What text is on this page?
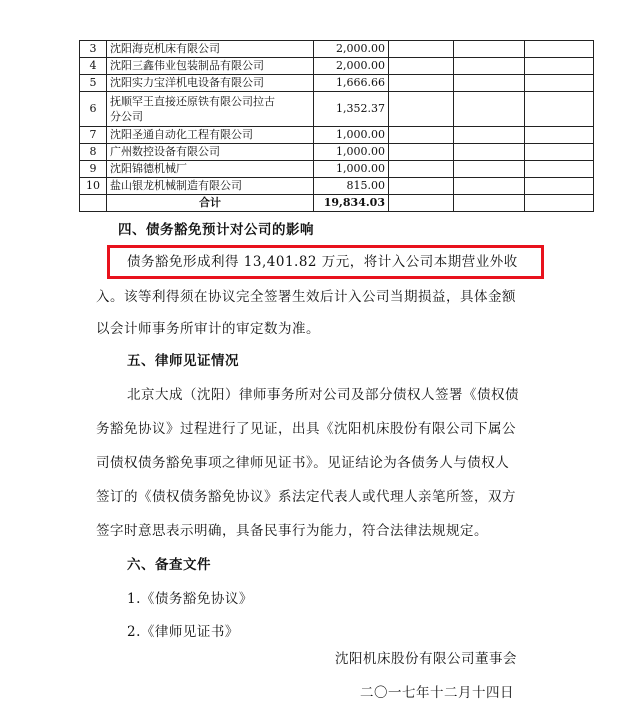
3	沈阳海克机床有限公司	2,000.00			
4	沈阳三鑫伟业包装制品有限公司	2,000.00			
5	沈阳实力宝洋机电设备有限公司	1,666.66			
6	抚顺罕王直接还原铁有限公司拉古
分公司	1,352.37			
7	沈阳圣通自动化工程有限公司	1,000.00			
8	广州数控设备有限公司	1,000.00			
9	沈阳锦德机械厂	1,000.00			
10	盐山银龙机械制造有限公司	815.00			
	合计	19,834.03			
四、债务豁免预计对公司的影响
债务豁免形成利得 13,401.82 万元，将计入公司本期营业外收
入。该等利得须在协议完全签署生效后计入公司当期损益，具体金额
以会计师事务所审计的审定数为准。
五、律师见证情况
北京大成（沈阳）律师事务所对公司及部分债权人签署《债权债
务豁免协议》过程进行了见证，出具《沈阳机床股份有限公司下属公
司债权债务豁免事项之律师见证书》。见证结论为各债务人与债权人
签订的《债权债务豁免协议》系法定代表人或代理人亲笔所签，双方
签字时意思表示明确，具备民事行为能力，符合法律法规规定。
六、备查文件
1.《债务豁免协议》
2.《律师见证书》
沈阳机床股份有限公司董事会
二〇一七年十二月十四日
